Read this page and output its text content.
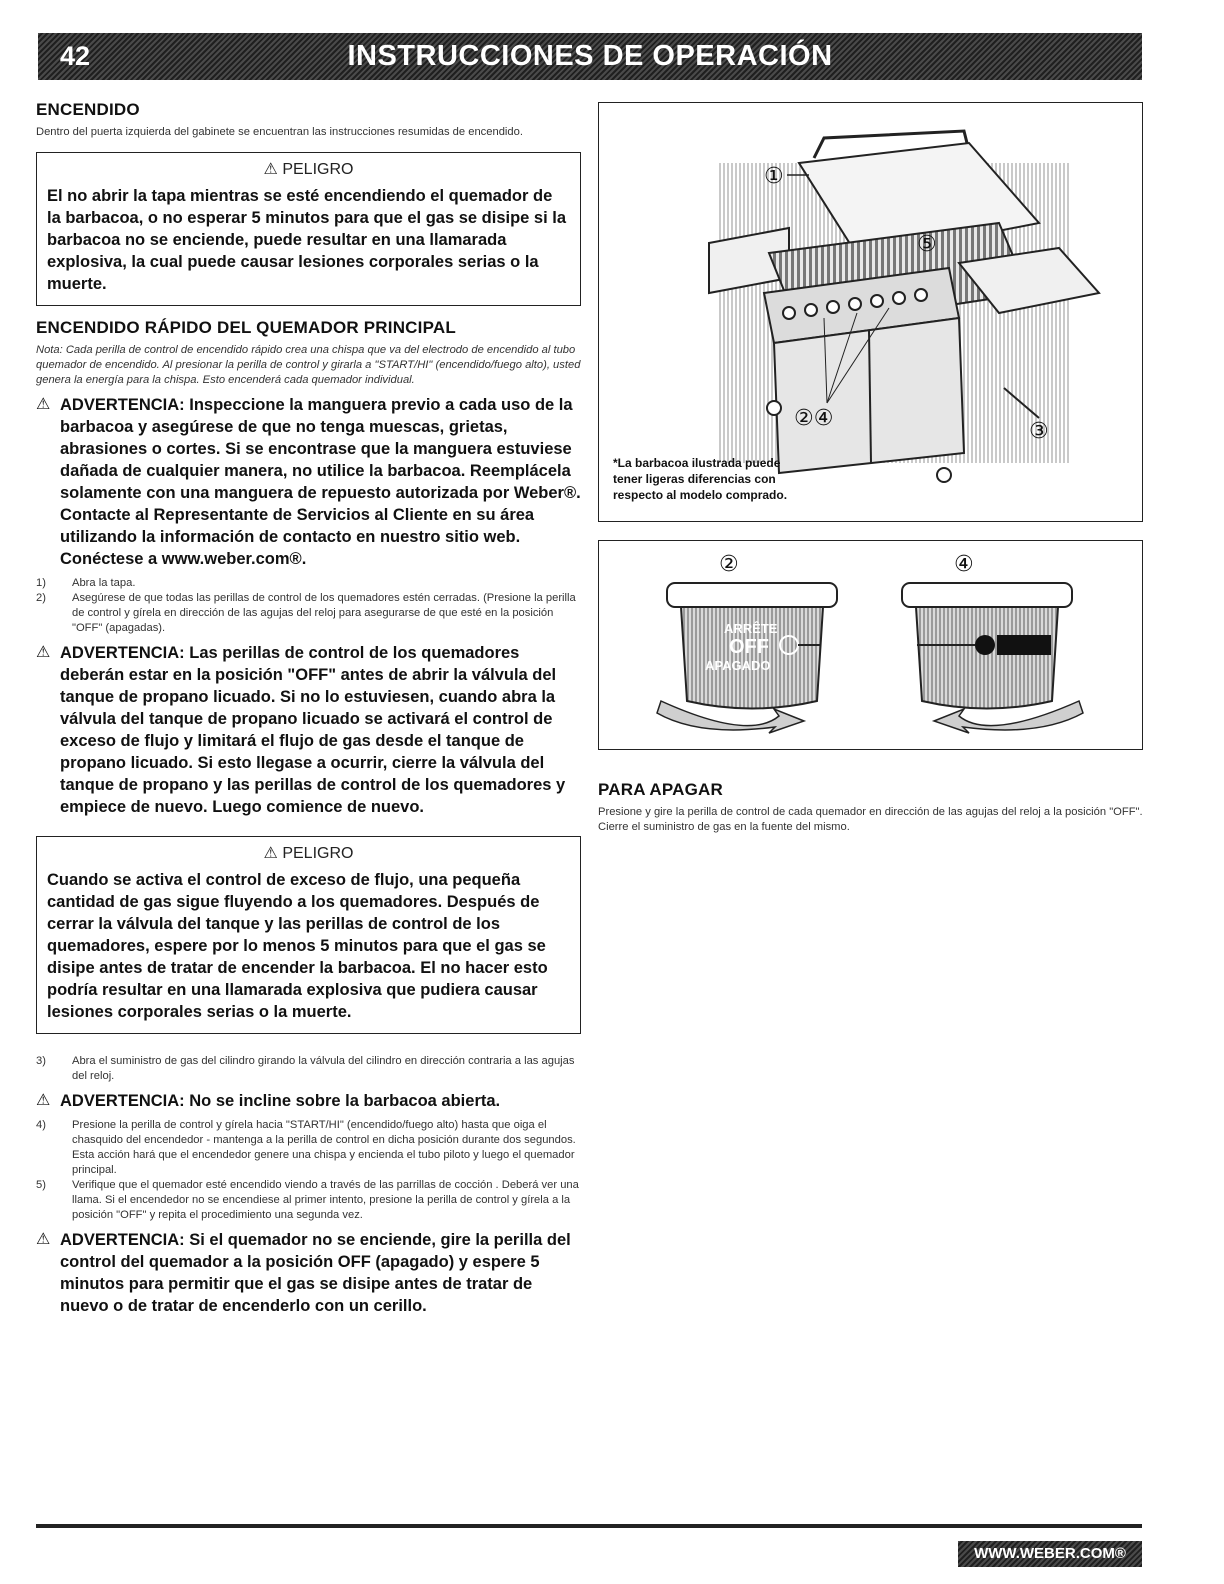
42	INSTRUCCIONES DE OPERACIÓN
ENCENDIDO

Dentro del puerta izquierda del gabinete se encuentran las instrucciones resumidas de encendido.

⚠ PELIGRO
El no abrir la tapa mientras se esté encendiendo el quemador de la barbacoa, o no esperar 5 minutos para que el gas se disipe si la barbacoa no se enciende, puede resultar en una llamarada explosiva, la cual puede causar lesiones corporales serias o la muerte.
ENCENDIDO RÁPIDO DEL QUEMADOR PRINCIPAL

Nota: Cada perilla de control de encendido rápido crea una chispa que va del electrodo de encendido al tubo quemador de encendido. Al presionar la perilla de control y girarla a "START/HI" (encendido/fuego alto), usted genera la energía para la chispa. Esto encenderá cada quemador individual.

⚠ ADVERTENCIA: Inspeccione la manguera previo a cada uso de la barbacoa y asegúrese de que no tenga muescas, grietas, abrasiones o cortes. Si se encontrase que la manguera estuviese dañada de cualquier manera, no utilice la barbacoa. Reemplácela solamente con una manguera de repuesto autorizada por Weber®. Contacte al Representante de Servicios al Cliente en su área utilizando la información de contacto en nuestro sitio web.
Conéctese a www.weber.com®.
1) Abra la tapa.
2) Asegúrese de que todas las perillas de control de los quemadores estén cerradas. (Presione la perilla de control y gírela en dirección de las agujas del reloj para asegurarse de que esté en la posición "OFF" (apagadas).
⚠ ADVERTENCIA: Las perillas de control de los quemadores deberán estar en la posición "OFF" antes de abrir la válvula del tanque de propano licuado. Si no lo estuviesen, cuando abra la válvula del tanque de propano licuado se activará el control de exceso de flujo y limitará el flujo de gas desde el tanque de propano licuado. Si esto llegase a ocurrir, cierre la válvula del tanque de propano y las perillas de control de los quemadores y empiece de nuevo. Luego comience de nuevo.
⚠ PELIGRO
Cuando se activa el control de exceso de flujo, una pequeña cantidad de gas sigue fluyendo a los quemadores. Después de cerrar la válvula del tanque y las perillas de control de los quemadores, espere por lo menos 5 minutos para que el gas se disipe antes de tratar de encender la barbacoa. El no hacer esto podría resultar en una llamarada explosiva que pudiera causar lesiones corporales serias o la muerte.
3) Abra el suministro de gas del cilindro girando la válvula del cilindro en dirección contraria a las agujas del reloj.
⚠ ADVERTENCIA: No se incline sobre la barbacoa abierta.
4) Presione la perilla de control y gírela hacia "START/HI" (encendido/fuego alto) hasta que oiga el chasquido del encendedor - mantenga a la perilla de control en dicha posición durante dos segundos. Esta acción hará que el encendedor genere una chispa y encienda el tubo piloto y luego el quemador principal.
5) Verifique que el quemador esté encendido viendo a través de las parrillas de cocción . Deberá ver una llama. Si el encendedor no se encendiese al primer intento, presione la perilla de control y gírela a la posición "OFF" y repita el procedimiento una segunda vez.
⚠ ADVERTENCIA: Si el quemador no se enciende, gire la perilla del control del quemador a la posición OFF (apagado) y espere 5 minutos para permitir que el gas se disipe antes de tratar de nuevo o de tratar de encenderlo con un cerillo.
①
⑤
②④
③
*La barbacoa ilustrada puede
tener ligeras diferencias con
respecto al modelo comprado.
②	④
ARRÊTE
OFF
APAGADO
PARA APAGAR

Presione y gire la perilla de control de cada quemador en dirección de las agujas del reloj a la posición "OFF". Cierre el suministro de gas en la fuente del mismo.

WWW.WEBER.COM®
